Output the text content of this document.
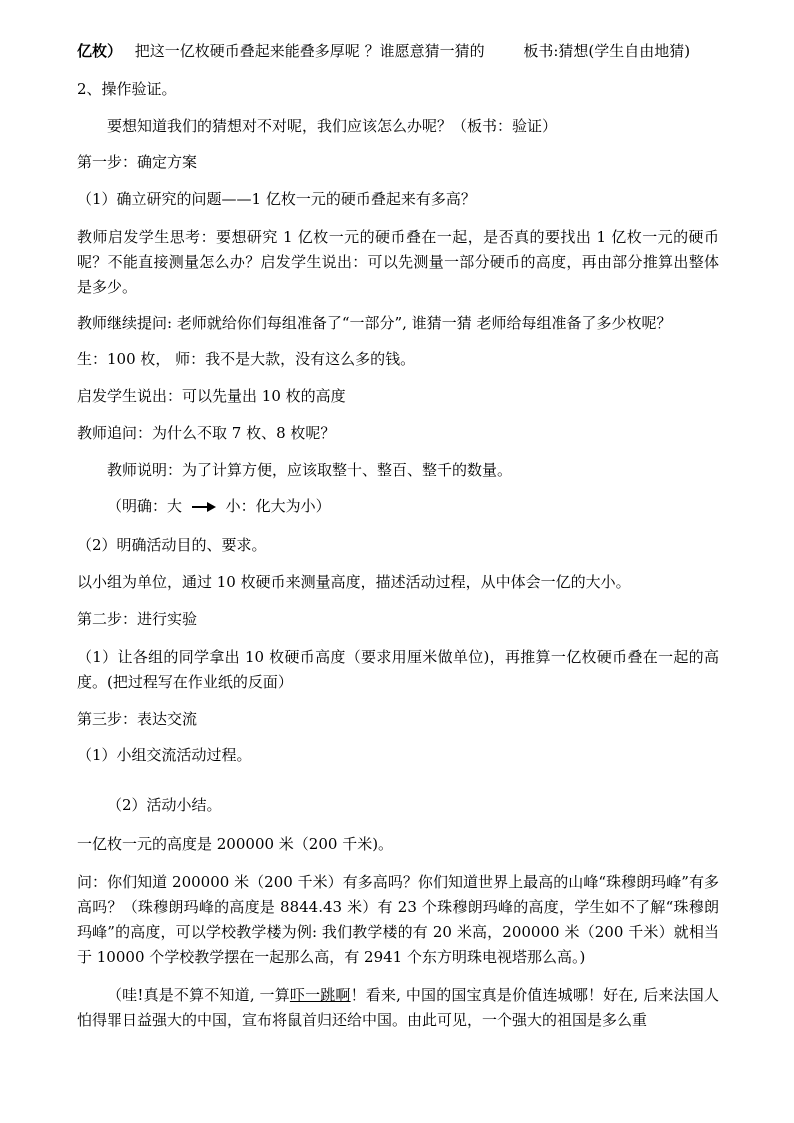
亿枚） 把这一亿枚硬币叠起来能叠多厚呢 ？谁愿意猜一猜的	板书:猜想(学生自由地猜)
2、操作验证。
要想知道我们的猜想对不对呢，我们应该怎么办呢？（板书：验证）
第一步：确定方案
（1）确立研究的问题——1 亿枚一元的硬币叠起来有多高？
教师启发学生思考：要想研究 1 亿枚一元的硬币叠在一起，是否真的要找出 1 亿枚一元的硬币呢？不能直接测量怎么办？启发学生说出：可以先测量一部分硬币的高度，再由部分推算出整体是多少。
教师继续提问: 老师就给你们每组准备了“一部分”, 谁猜一猜 老师给每组准备了多少枚呢？
生：100 枚， 师：我不是大款，没有这么多的钱。
启发学生说出：可以先量出 10 枚的高度
教师追问：为什么不取 7 枚、8 枚呢？
教师说明：为了计算方便，应该取整十、整百、整千的数量。
（明确：大	小：化大为小）
（2）明确活动目的、要求。
以小组为单位，通过 10 枚硬币来测量高度，描述活动过程，从中体会一亿的大小。
第二步：进行实验
（1）让各组的同学拿出 10 枚硬币高度（要求用厘米做单位)，再推算一亿枚硬币叠在一起的高度。(把过程写在作业纸的反面）
第三步：表达交流
（1）小组交流活动过程。
（2）活动小结。
一亿枚一元的高度是 200000 米（200 千米)。
问：你们知道 200000 米（200 千米）有多高吗？你们知道世界上最高的山峰“珠穆朗玛峰”有多高吗？（珠穆朗玛峰的高度是 8844.43 米）有 23 个珠穆朗玛峰的高度，学生如不了解“珠穆朗玛峰”的高度，可以学校教学楼为例: 我们教学楼的有 20 米高，200000 米（200 千米）就相当于 10000 个学校教学摆在一起那么高，有 2941 个东方明珠电视塔那么高。)
（哇!真是不算不知道, 一算吓一跳啊！看来, 中国的国宝真是价值连城哪！好在, 后来法国人怕得罪日益强大的中国，宣布将鼠首归还给中国。由此可见，一个强大的祖国是多么重
